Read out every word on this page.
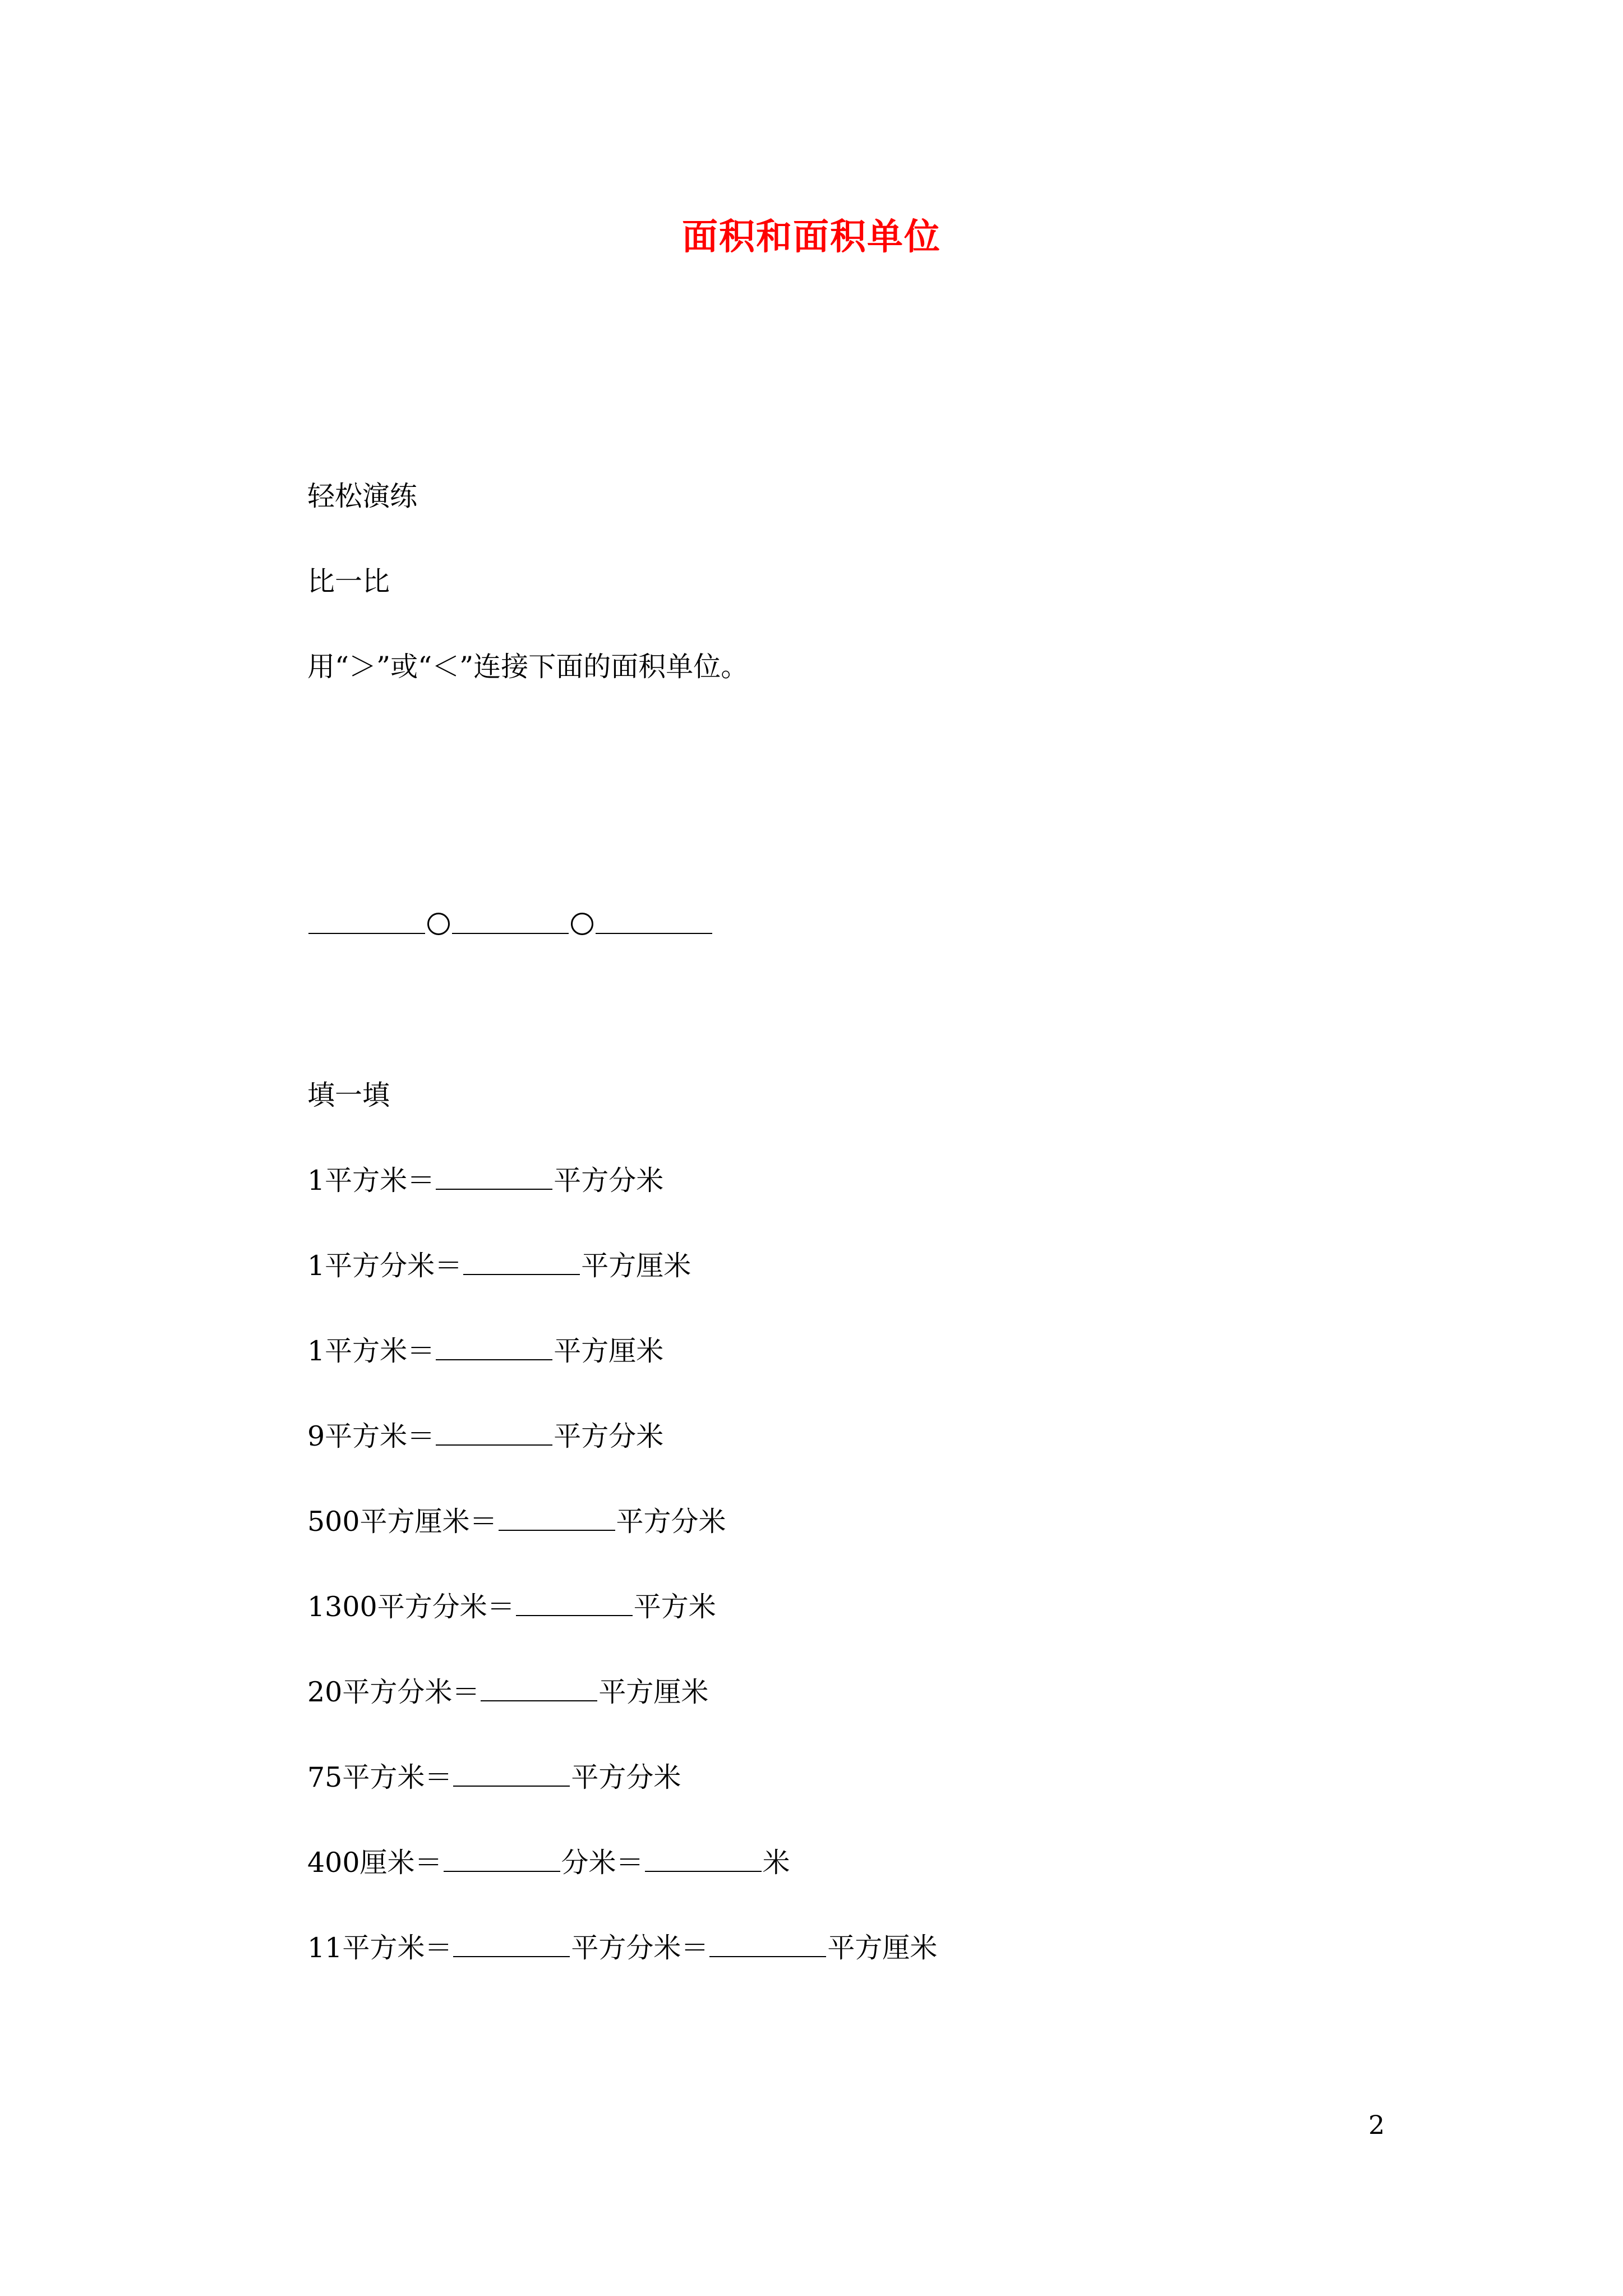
面积和面积单位
轻松演练
比一比
用“＞”或“＜”连接下面的面积单位。
填一填
1平方米＝	平方分米
1平方分米＝	平方厘米
1平方米＝	平方厘米
9平方米＝	平方分米
500平方厘米＝	平方分米
1300平方分米＝	平方米
20平方分米＝	平方厘米
75平方米＝	平方分米
400厘米＝	分米＝	米
11平方米＝	平方分米＝	平方厘米
2
